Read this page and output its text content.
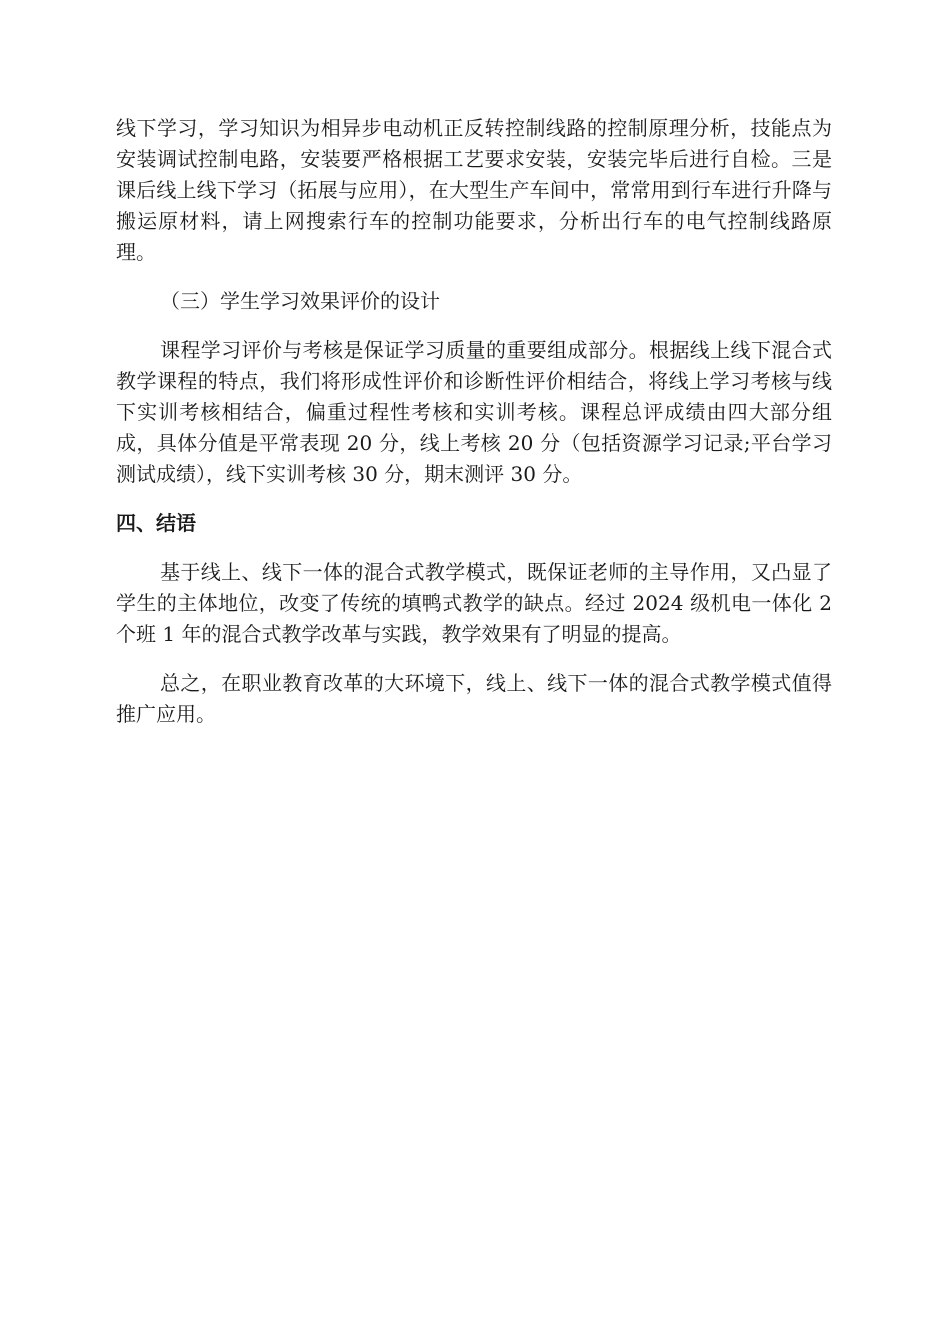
线下学习，学习知识为相异步电动机正反转控制线路的控制原理分析，技能点为安装调试控制电路，安装要严格根据工艺要求安装，安装完毕后进行自检。三是课后线上线下学习（拓展与应用），在大型生产车间中，常常用到行车进行升降与搬运原材料，请上网搜索行车的控制功能要求，分析出行车的电气控制线路原理。

（三）学生学习效果评价的设计

课程学习评价与考核是保证学习质量的重要组成部分。根据线上线下混合式教学课程的特点，我们将形成性评价和诊断性评价相结合，将线上学习考核与线下实训考核相结合，偏重过程性考核和实训考核。课程总评成绩由四大部分组成，具体分值是平常表现 20 分，线上考核 20 分（包括资源学习记录;平台学习测试成绩），线下实训考核 30 分，期末测评 30 分。

四、结语

基于线上、线下一体的混合式教学模式，既保证老师的主导作用，又凸显了学生的主体地位，改变了传统的填鸭式教学的缺点。经过 2024 级机电一体化 2 个班 1 年的混合式教学改革与实践，教学效果有了明显的提高。

总之，在职业教育改革的大环境下，线上、线下一体的混合式教学模式值得推广应用。
